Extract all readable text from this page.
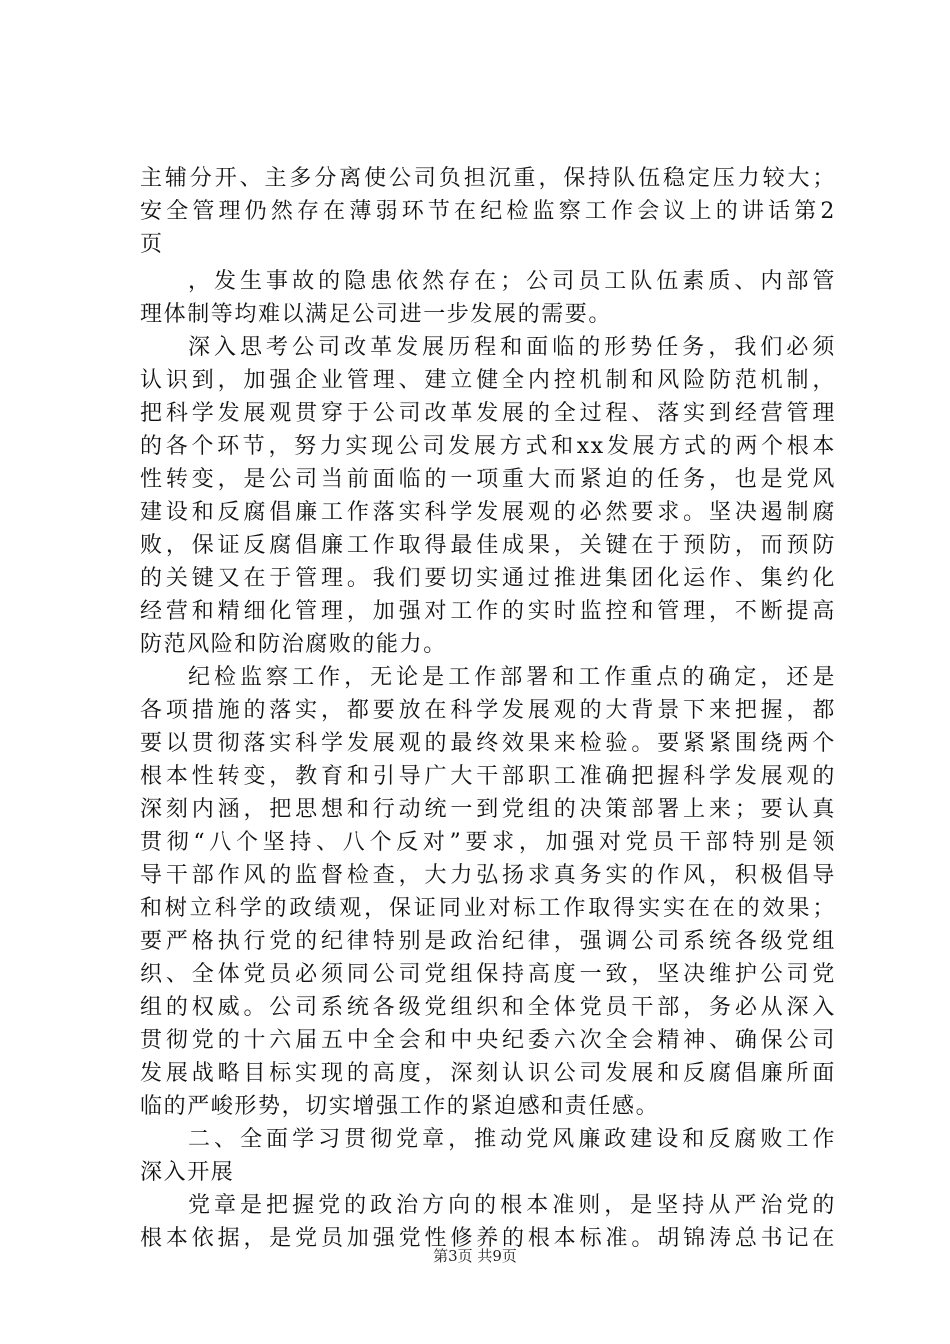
主辅分开、主多分离使公司负担沉重，保持队伍稳定压力较大；
安全管理仍然存在薄弱环节在纪检监察工作会议上的讲话第2
页
，发生事故的隐患依然存在；公司员工队伍素质、内部管
理体制等均难以满足公司进一步发展的需要。
深入思考公司改革发展历程和面临的形势任务，我们必须
认识到，加强企业管理、建立健全内控机制和风险防范机制，
把科学发展观贯穿于公司改革发展的全过程、落实到经营管理
的各个环节，努力实现公司发展方式和xx发展方式的两个根本
性转变，是公司当前面临的一项重大而紧迫的任务，也是党风
建设和反腐倡廉工作落实科学发展观的必然要求。坚决遏制腐
败，保证反腐倡廉工作取得最佳成果，关键在于预防，而预防
的关键又在于管理。我们要切实通过推进集团化运作、集约化
经营和精细化管理，加强对工作的实时监控和管理，不断提高
防范风险和防治腐败的能力。
纪检监察工作，无论是工作部署和工作重点的确定，还是
各项措施的落实，都要放在科学发展观的大背景下来把握，都
要以贯彻落实科学发展观的最终效果来检验。要紧紧围绕两个
根本性转变，教育和引导广大干部职工准确把握科学发展观的
深刻内涵，把思想和行动统一到党组的决策部署上来；要认真
贯彻“八个坚持、八个反对”要求，加强对党员干部特别是领
导干部作风的监督检查，大力弘扬求真务实的作风，积极倡导
和树立科学的政绩观，保证同业对标工作取得实实在在的效果；
要严格执行党的纪律特别是政治纪律，强调公司系统各级党组
织、全体党员必须同公司党组保持高度一致，坚决维护公司党
组的权威。公司系统各级党组织和全体党员干部，务必从深入
贯彻党的十六届五中全会和中央纪委六次全会精神、确保公司
发展战略目标实现的高度，深刻认识公司发展和反腐倡廉所面
临的严峻形势，切实增强工作的紧迫感和责任感。
二、全面学习贯彻党章，推动党风廉政建设和反腐败工作
深入开展
党章是把握党的政治方向的根本准则，是坚持从严治党的
根本依据，是党员加强党性修养的根本标准。胡锦涛总书记在
第3页 共9页
